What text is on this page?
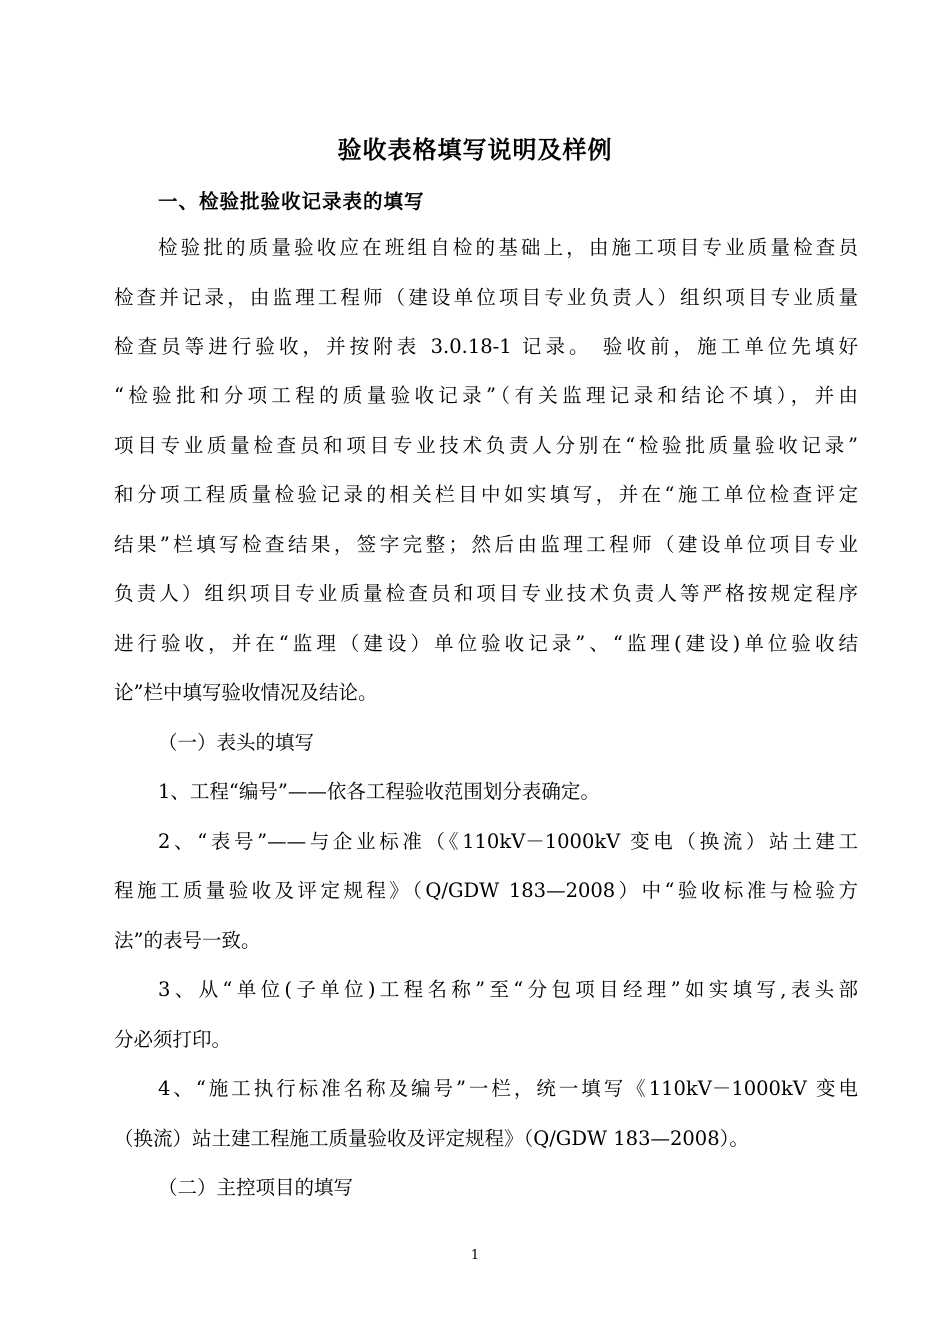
验收表格填写说明及样例
一、检验批验收记录表的填写
检验批的质量验收应在班组自检的基础上，由施工项目专业质量检查员
检查并记录，由监理工程师（建设单位项目专业负责人）组织项目专业质量
检查员等进行验收，并按附表 3.0.18-1 记录。 验收前，施工单位先填好
“检验批和分项工程的质量验收记录”（有关监理记录和结论不填），并由
项目专业质量检查员和项目专业技术负责人分别在“检验批质量验收记录”
和分项工程质量检验记录的相关栏目中如实填写，并在“施工单位检查评定
结果”栏填写检查结果，签字完整；然后由监理工程师（建设单位项目专业
负责人）组织项目专业质量检查员和项目专业技术负责人等严格按规定程序
进行验收，并在“监理（建设）单位验收记录”、“监理(建设)单位验收结
论”栏中填写验收情况及结论。
（一）表头的填写
1、工程“编号”——依各工程验收范围划分表确定。
2、“表号”——与企业标准（《110kV－1000kV 变电（换流）站土建工
程施工质量验收及评定规程》（Q/GDW 183—2008）中“验收标准与检验方
法”的表号一致。
3、从“单位(子单位)工程名称”至“分包项目经理”如实填写,表头部
分必须打印。
4、“施工执行标准名称及编号”一栏，统一填写《110kV－1000kV 变电
（换流）站土建工程施工质量验收及评定规程》（Q/GDW 183—2008）。
（二）主控项目的填写
1
